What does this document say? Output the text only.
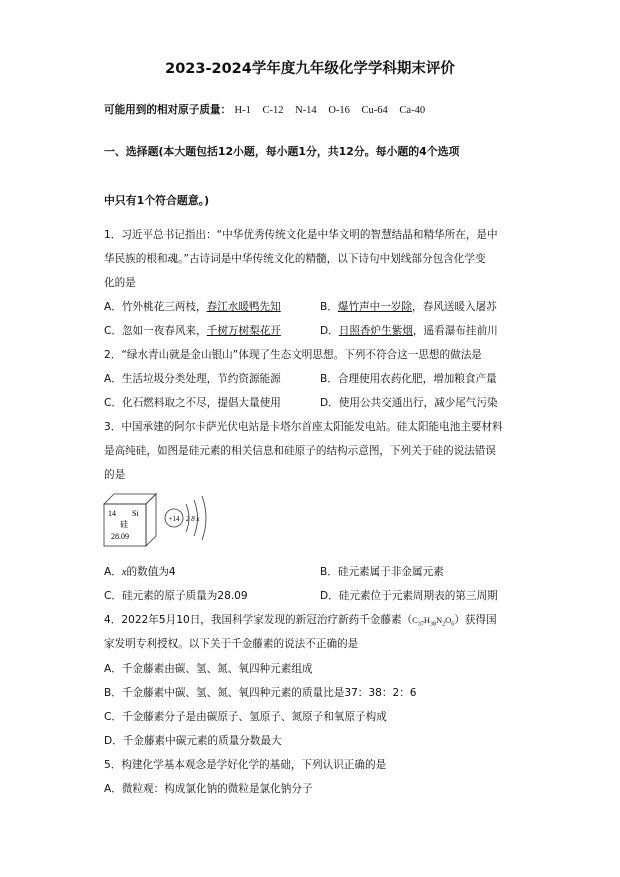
2023-2024学年度九年级化学学科期末评价
可能用到的相对原子质量： H-1 C-12 N-14 O-16 Cu-64 Ca-40
一、选择题(本大题包括12小题，每小题1分，共12分。每小题的4个选项
中只有1个符合题意。)
1．习近平总书记指出：“中华优秀传统文化是中华文明的智慧结晶和精华所在，是中
华民族的根和魂。”古诗词是中华传统文化的精髓，以下诗句中划线部分包含化学变
化的是
A．竹外桃花三两枝，春江水暖鸭先知	B．爆竹声中一岁除，春风送暖入屠苏
C．忽如一夜春风来，千树万树梨花开	D．日照香炉生紫烟，遥看瀑布挂前川
2．“绿水青山就是金山银山”体现了生态文明思想。下列不符合这一思想的做法是
A．生活垃圾分类处理，节约资源能源	B．合理使用农药化肥，增加粮食产量
C．化石燃料取之不尽，提倡大量使用	D．使用公共交通出行，减少尾气污染
3．中国承建的阿尔卡萨光伏电站是卡塔尔首座太阳能发电站。硅太阳能电池主要材料
是高纯硅，如图是硅元素的相关信息和硅原子的结构示意图，下列关于硅的说法错误
的是
14 Si
硅
28.09
+14 2 8 x
A．x的数值为4	B．硅元素属于非金属元素
C．硅元素的原子质量为28.09	D．硅元素位于元素周期表的第三周期
4．2022年5月10日，我国科学家发现的新冠治疗新药千金藤素$(C_{37}H_{38}N_2O_6)$获得国
家发明专利授权。以下关于千金藤素的说法不正确的是
A．千金藤素由碳、氢、氮、氧四种元素组成
B．千金藤素中碳、氢、氮、氧四种元素的质量比是37：38：2：6
C．千金藤素分子是由碳原子、氢原子、氮原子和氧原子构成
D．千金藤素中碳元素的质量分数最大
5．构建化学基本观念是学好化学的基础，下列认识正确的是
A．微粒观：构成氯化钠的微粒是氯化钠分子
